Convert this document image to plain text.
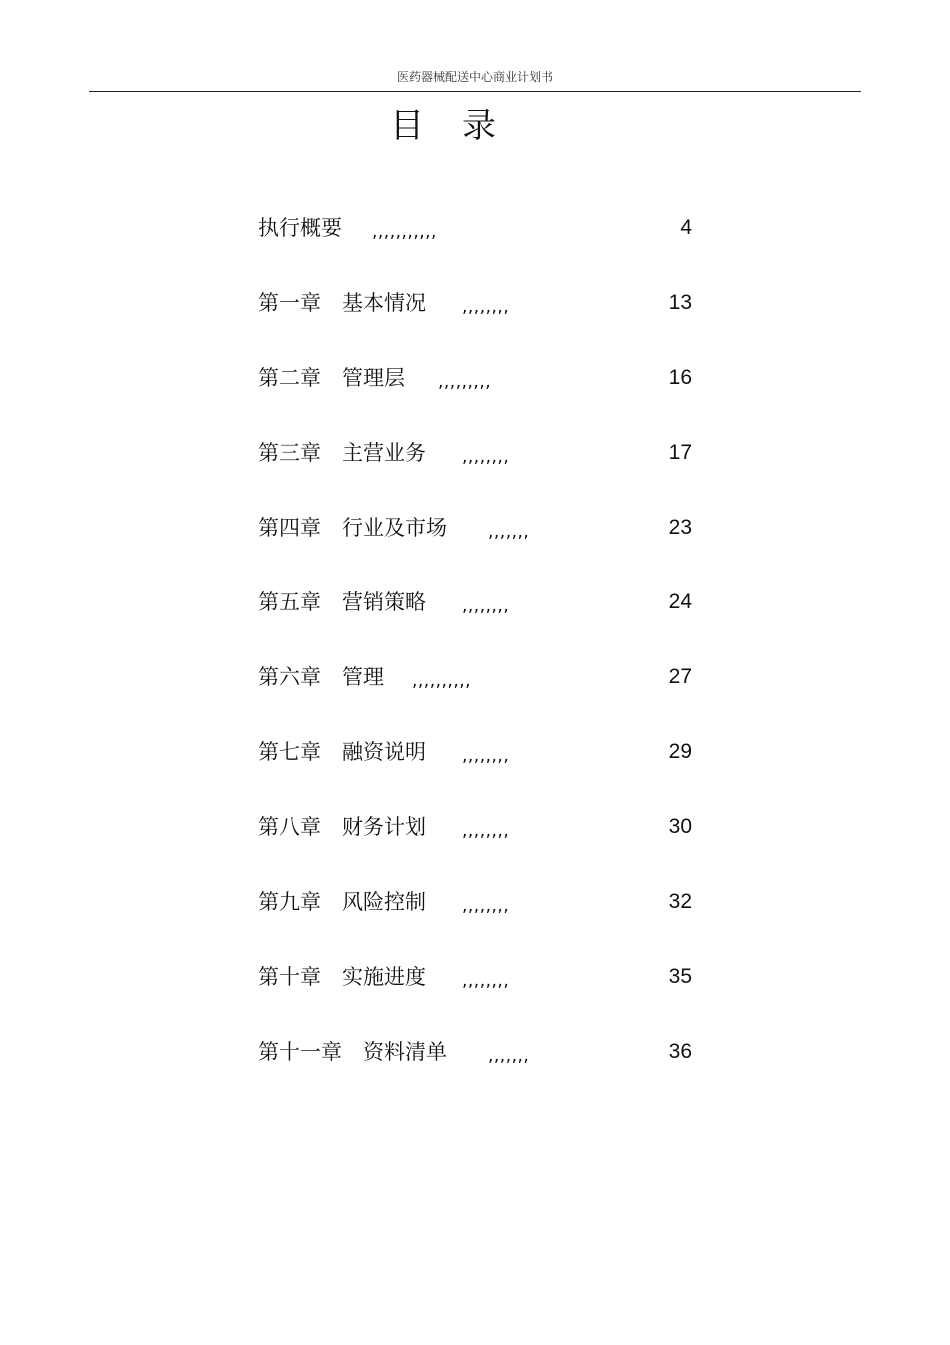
医药器械配送中心商业计划书
目 录
执行概要 ,,,,,,,,,,,	4
第一章　基本情况 ,,,,,,,,	13
第二章　管理层 ,,,,,,,,,	16
第三章　主营业务 ,,,,,,,,	17
第四章　行业及市场 ,,,,,,,	23
第五章　营销策略 ,,,,,,,,	24
第六章　管理 ,,,,,,,,,,	27
第七章　融资说明 ,,,,,,,,	29
第八章　财务计划 ,,,,,,,,	30
第九章　风险控制 ,,,,,,,,	32
第十章　实施进度 ,,,,,,,,	35
第十一章　资料清单 ,,,,,,,	36
